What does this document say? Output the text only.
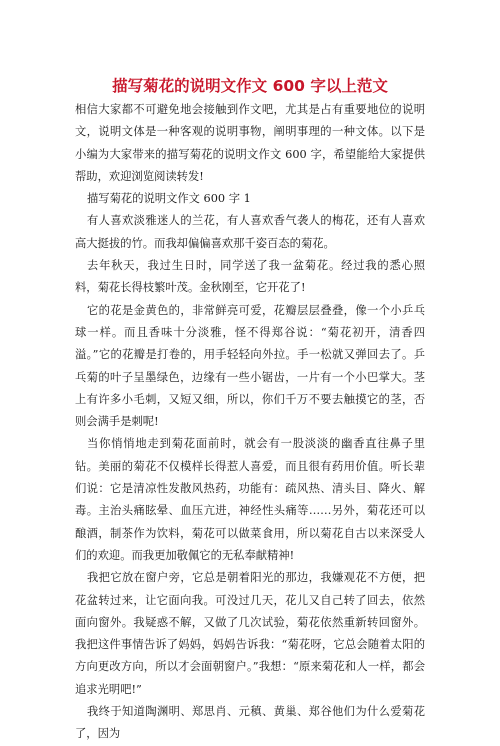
描写菊花的说明文作文 600 字以上范文

相信大家都不可避免地会接触到作文吧，尤其是占有重要地位的说明文，说明文体是一种客观的说明事物，阐明事理的一种文体。以下是小编为大家带来的描写菊花的说明文作文 600 字，希望能给大家提供帮助，欢迎浏览阅读转发!

描写菊花的说明文作文 600 字 1

有人喜欢淡雅迷人的兰花，有人喜欢香气袭人的梅花，还有人喜欢高大挺拔的竹。而我却偏偏喜欢那千姿百态的菊花。

去年秋天，我过生日时，同学送了我一盆菊花。经过我的悉心照料，菊花长得枝繁叶茂。金秋刚至，它开花了!

它的花是金黄色的，非常鲜亮可爱，花瓣层层叠叠，像一个小乒乓球一样。而且香味十分淡雅，怪不得郑谷说：“菊花初开，清香四溢。”它的花瓣是打卷的，用手轻轻向外拉。手一松就又弹回去了。乒乓菊的叶子呈墨绿色，边缘有一些小锯齿，一片有一个小巴掌大。茎上有许多小毛刺，又短又细，所以，你们千万不要去触摸它的茎，否则会满手是刺呢!

当你悄悄地走到菊花面前时，就会有一股淡淡的幽香直往鼻子里钻。美丽的菊花不仅模样长得惹人喜爱，而且很有药用价值。听长辈们说：它是清凉性发散风热药，功能有：疏风热、清头目、降火、解毒。主治头痛眩晕、血压亢进，神经性头痛等……另外，菊花还可以酿酒，制茶作为饮料，菊花可以做菜食用，所以菊花自古以来深受人们的欢迎。而我更加敬佩它的无私奉献精神!

我把它放在窗户旁，它总是朝着阳光的那边，我嫌观花不方便，把花盆转过来，让它面向我。可没过几天，花儿又自己转了回去，依然面向窗外。我疑惑不解，又做了几次试验，菊花依然重新转回窗外。我把这件事情告诉了妈妈，妈妈告诉我：“菊花呀，它总会随着太阳的方向更改方向，所以才会面朝窗户。”我想：“原来菊花和人一样，都会追求光明吧!”

我终于知道陶渊明、郑思肖、元稹、黄巢、郑谷他们为什么爱菊花了，因为
